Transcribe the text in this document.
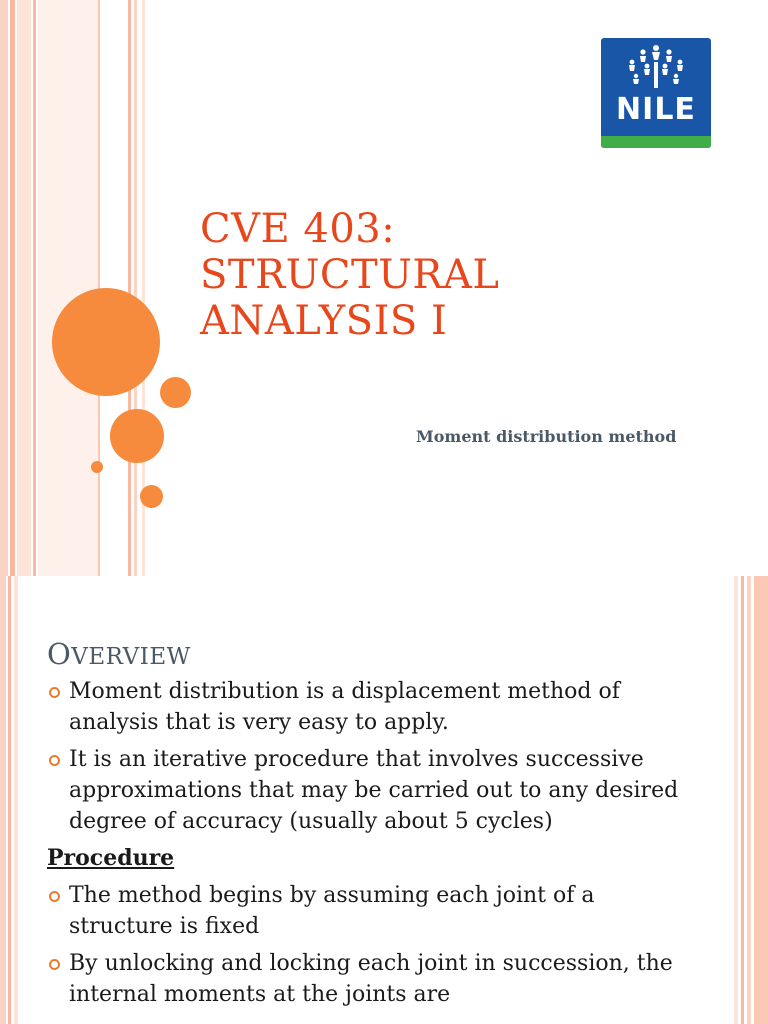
NILE
CVE 403:
STRUCTURAL
ANALYSIS I
Moment distribution method
OVERVIEW
Moment distribution is a displacement method of analysis that is very easy to apply.
It is an iterative procedure that involves successive approximations that may be carried out to any desired degree of accuracy (usually about 5 cycles)
Procedure
The method begins by assuming each joint of a structure is fixed
By unlocking and locking each joint in succession, the internal moments at the joints are
